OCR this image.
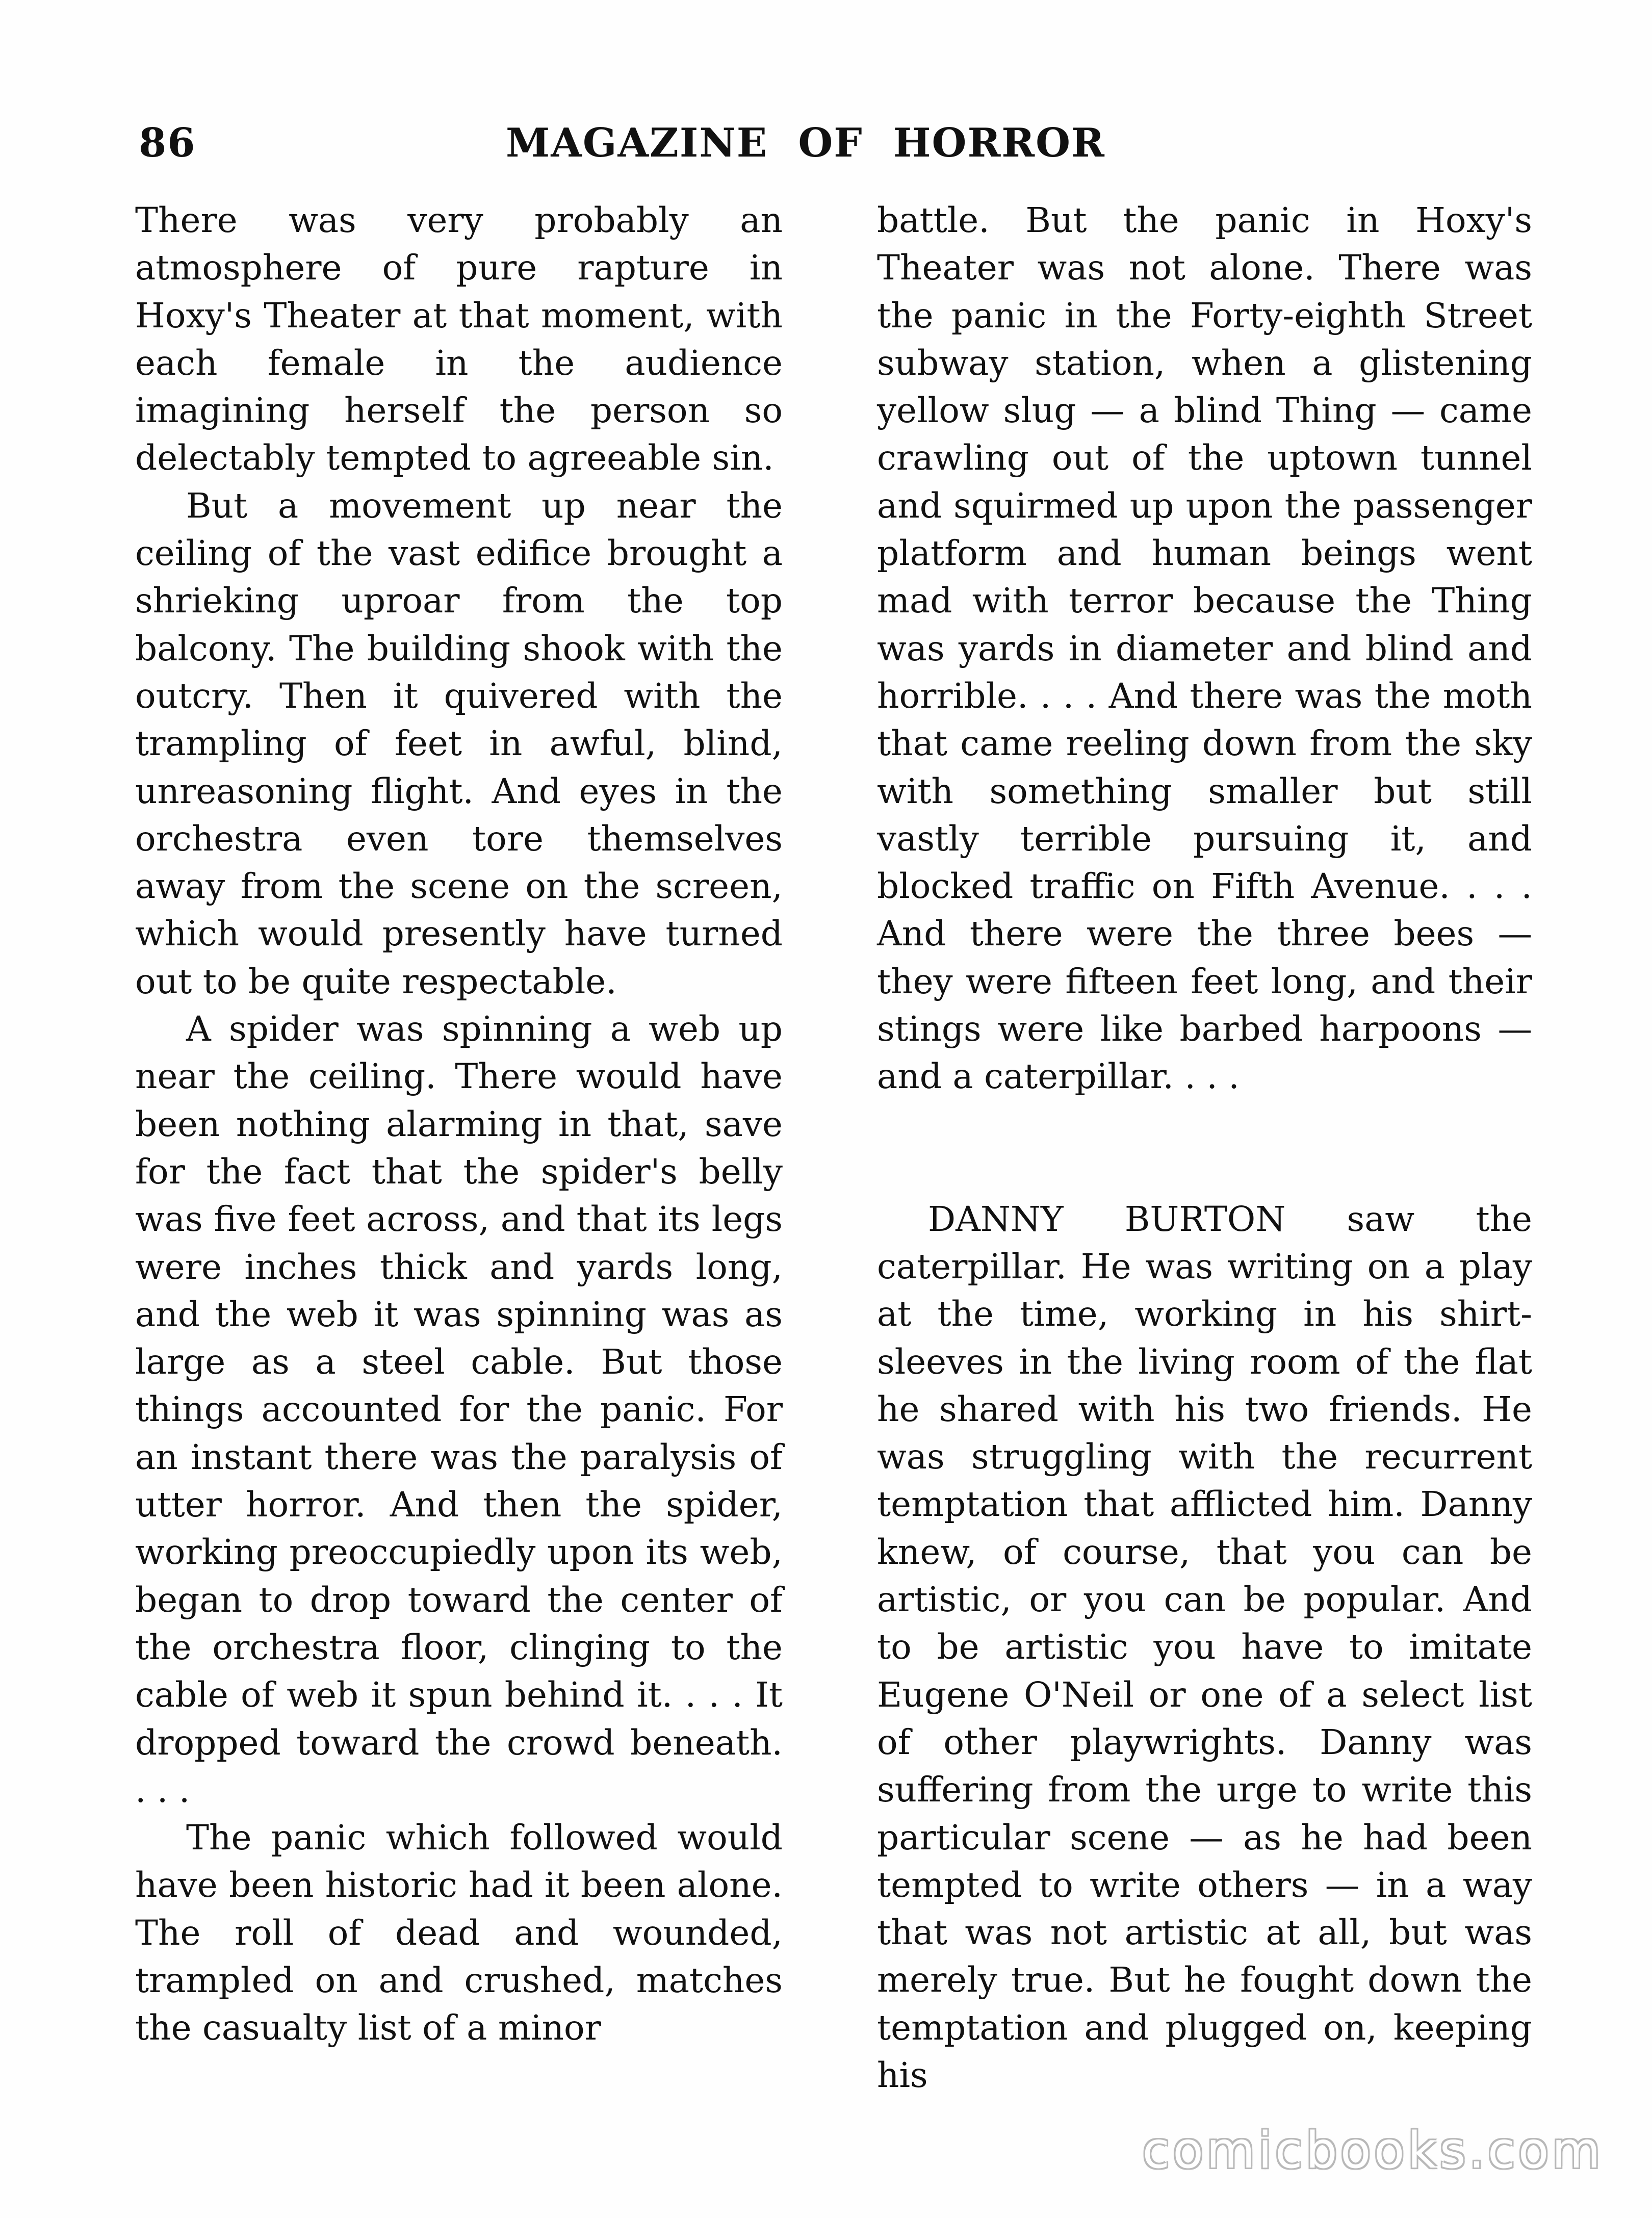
86	MAGAZINE OF HORROR

There was very probably an atmosphere of pure rapture in Hoxy's Theater at that moment, with each female in the audience imagining herself the person so delectably tempted to agreeable sin.

But a movement up near the ceiling of the vast edifice brought a shrieking uproar from the top balcony. The building shook with the outcry. Then it quivered with the trampling of feet in awful, blind, unreasoning flight. And eyes in the orchestra even tore themselves away from the scene on the screen, which would presently have turned out to be quite respectable.

A spider was spinning a web up near the ceiling. There would have been nothing alarming in that, save for the fact that the spider's belly was five feet across, and that its legs were inches thick and yards long, and the web it was spinning was as large as a steel cable. But those things accounted for the panic. For an instant there was the paralysis of utter horror. And then the spider, working preoccupiedly upon its web, began to drop toward the center of the orchestra floor, clinging to the cable of web it spun behind it. . . . It dropped toward the crowd beneath. . . .

The panic which followed would have been historic had it been alone. The roll of dead and wounded, trampled on and crushed, matches the casualty list of a minor

battle. But the panic in Hoxy's Theater was not alone. There was the panic in the Forty-eighth Street subway station, when a glistening yellow slug — a blind Thing — came crawling out of the uptown tunnel and squirmed up upon the passenger platform and human beings went mad with terror because the Thing was yards in diameter and blind and horrible. . . . And there was the moth that came reeling down from the sky with something smaller but still vastly terrible pursuing it, and blocked traffic on Fifth Avenue. . . . And there were the three bees — they were fifteen feet long, and their stings were like barbed harpoons — and a caterpillar. . . .

DANNY BURTON saw the caterpillar. He was writing on a play at the time, working in his shirt-sleeves in the living room of the flat he shared with his two friends. He was struggling with the recurrent temptation that afflicted him. Danny knew, of course, that you can be artistic, or you can be popular. And to be artistic you have to imitate Eugene O'Neil or one of a select list of other playwrights. Danny was suffering from the urge to write this particular scene — as he had been tempted to write others — in a way that was not artistic at all, but was merely true. But he fought down the temptation and plugged on, keeping his

comicbooks.com
